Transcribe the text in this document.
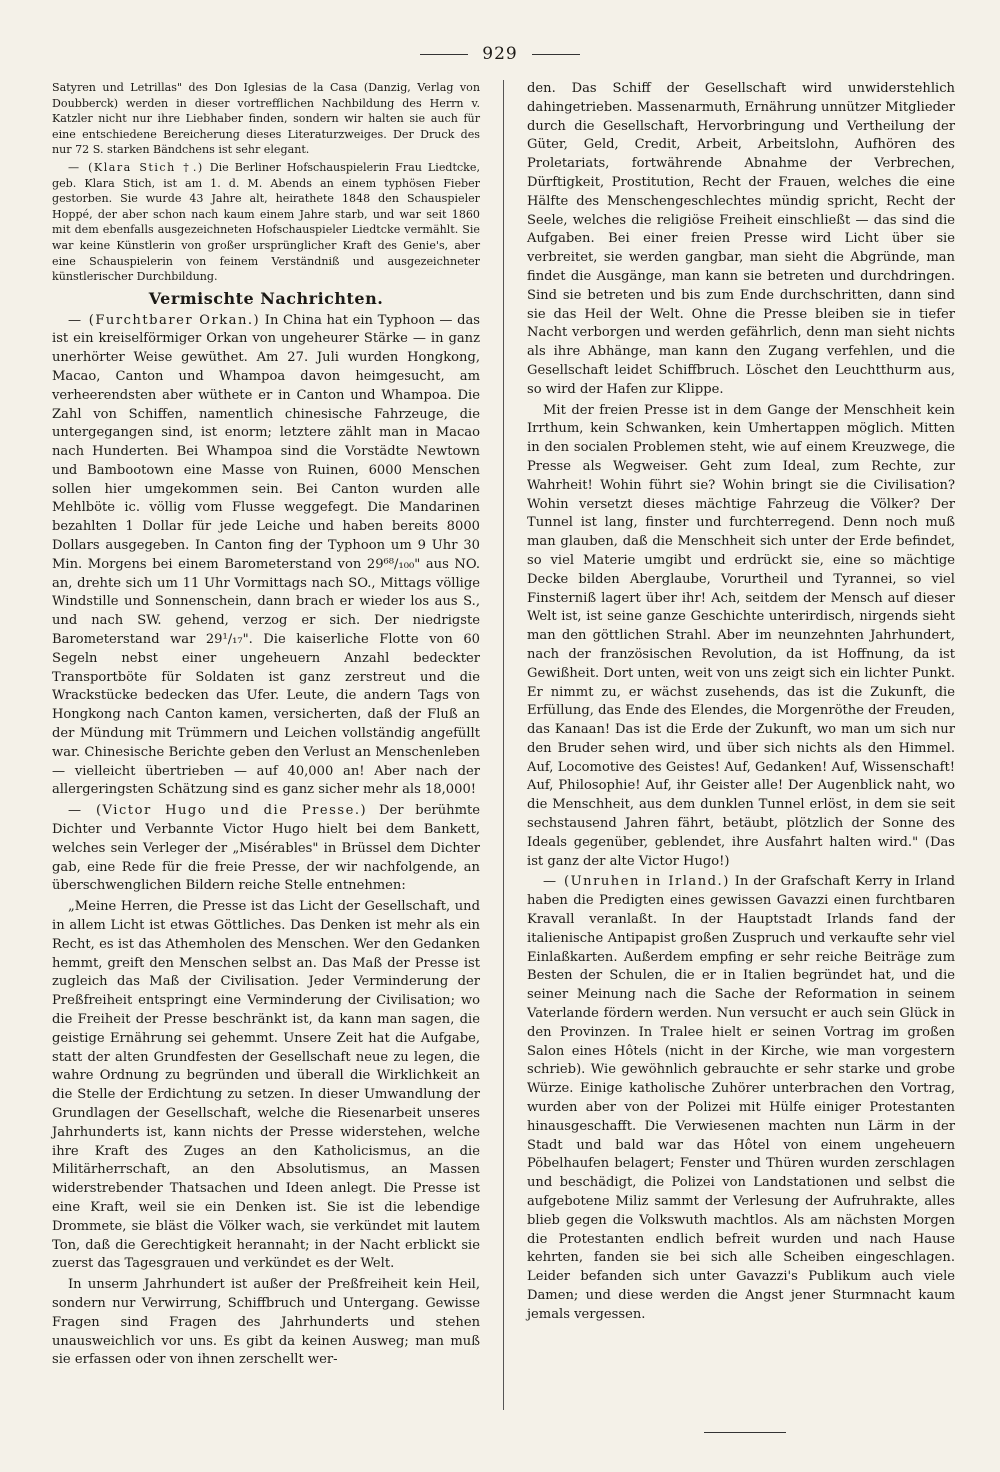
929

Satyren und Letrillas" des Don Iglesias de la Casa (Danzig, Verlag von Doubberck) werden in dieser vortrefflichen Nachbildung des Herrn v. Katzler nicht nur ihre Liebhaber finden, sondern wir halten sie auch für eine entschiedene Bereicherung dieses Literaturzweiges. Der Druck des nur 72 S. starken Bändchens ist sehr elegant.

— (Klara Stich †.) Die Berliner Hofschauspielerin Frau Liedtcke, geb. Klara Stich, ist am 1. d. M. Abends an einem typhösen Fieber gestorben. Sie wurde 43 Jahre alt, heirathete 1848 den Schauspieler Hoppé, der aber schon nach kaum einem Jahre starb, und war seit 1860 mit dem ebenfalls ausgezeichneten Hofschauspieler Liedtcke vermählt. Sie war keine Künstlerin von großer ursprünglicher Kraft des Genie's, aber eine Schauspielerin von feinem Verständniß und ausgezeichneter künstlerischer Durchbildung.

Vermischte Nachrichten.

— (Furchtbarer Orkan.) In China hat ein Typhoon — das ist ein kreiselförmiger Orkan von ungeheurer Stärke — in ganz unerhörter Weise gewüthet. Am 27. Juli wurden Hongkong, Macao, Canton und Whampoa davon heimgesucht, am verheerendsten aber wüthete er in Canton und Whampoa. Die Zahl von Schiffen, namentlich chinesische Fahrzeuge, die untergegangen sind, ist enorm; letztere zählt man in Macao nach Hunderten. Bei Whampoa sind die Vorstädte Newtown und Bambootown eine Masse von Ruinen, 6000 Menschen sollen hier umgekommen sein. Bei Canton wurden alle Mehlböte ic. völlig vom Flusse weggefegt. Die Mandarinen bezahlten 1 Dollar für jede Leiche und haben bereits 8000 Dollars ausgegeben. In Canton fing der Typhoon um 9 Uhr 30 Min. Morgens bei einem Barometerstand von 29⁶⁸/₁₀₀" aus NO. an, drehte sich um 11 Uhr Vormittags nach SO., Mittags völlige Windstille und Sonnenschein, dann brach er wieder los aus S., und nach SW. gehend, verzog er sich. Der niedrigste Barometerstand war 29¹/₁₇". Die kaiserliche Flotte von 60 Segeln nebst einer ungeheuern Anzahl bedeckter Transportböte für Soldaten ist ganz zerstreut und die Wrackstücke bedecken das Ufer. Leute, die andern Tags von Hongkong nach Canton kamen, versicherten, daß der Fluß an der Mündung mit Trümmern und Leichen vollständig angefüllt war. Chinesische Berichte geben den Verlust an Menschenleben — vielleicht übertrieben — auf 40,000 an! Aber nach der allergeringsten Schätzung sind es ganz sicher mehr als 18,000!

— (Victor Hugo und die Presse.) Der berühmte Dichter und Verbannte Victor Hugo hielt bei dem Bankett, welches sein Verleger der „Misérables" in Brüssel dem Dichter gab, eine Rede für die freie Presse, der wir nachfolgende, an überschwenglichen Bildern reiche Stelle entnehmen:

„Meine Herren, die Presse ist das Licht der Gesellschaft, und in allem Licht ist etwas Göttliches. Das Denken ist mehr als ein Recht, es ist das Athemholen des Menschen. Wer den Gedanken hemmt, greift den Menschen selbst an. Das Maß der Presse ist zugleich das Maß der Civilisation. Jeder Verminderung der Preßfreiheit entspringt eine Verminderung der Civilisation; wo die Freiheit der Presse beschränkt ist, da kann man sagen, die geistige Ernährung sei gehemmt. Unsere Zeit hat die Aufgabe, statt der alten Grundfesten der Gesellschaft neue zu legen, die wahre Ordnung zu begründen und überall die Wirklichkeit an die Stelle der Erdichtung zu setzen. In dieser Umwandlung der Grundlagen der Gesellschaft, welche die Riesenarbeit unseres Jahrhunderts ist, kann nichts der Presse widerstehen, welche ihre Kraft des Zuges an den Katholicismus, an die Militärherrschaft, an den Absolutismus, an Massen widerstrebender Thatsachen und Ideen anlegt. Die Presse ist eine Kraft, weil sie ein Denken ist. Sie ist die lebendige Drommete, sie bläst die Völker wach, sie verkündet mit lautem Ton, daß die Gerechtigkeit herannaht; in der Nacht erblickt sie zuerst das Tagesgrauen und verkündet es der Welt.

In unserm Jahrhundert ist außer der Preßfreiheit kein Heil, sondern nur Verwirrung, Schiffbruch und Untergang. Gewisse Fragen sind Fragen des Jahrhunderts und stehen unausweichlich vor uns. Es gibt da keinen Ausweg; man muß sie erfassen oder von ihnen zerschellt wer-

den. Das Schiff der Gesellschaft wird unwiderstehlich dahingetrieben. Massenarmuth, Ernährung unnützer Mitglieder durch die Gesellschaft, Hervorbringung und Vertheilung der Güter, Geld, Credit, Arbeit, Arbeitslohn, Aufhören des Proletariats, fortwährende Abnahme der Verbrechen, Dürftigkeit, Prostitution, Recht der Frauen, welches die eine Hälfte des Menschengeschlechtes mündig spricht, Recht der Seele, welches die religiöse Freiheit einschließt — das sind die Aufgaben. Bei einer freien Presse wird Licht über sie verbreitet, sie werden gangbar, man sieht die Abgründe, man findet die Ausgänge, man kann sie betreten und durchdringen. Sind sie betreten und bis zum Ende durchschritten, dann sind sie das Heil der Welt. Ohne die Presse bleiben sie in tiefer Nacht verborgen und werden gefährlich, denn man sieht nichts als ihre Abhänge, man kann den Zugang verfehlen, und die Gesellschaft leidet Schiffbruch. Löschet den Leuchtthurm aus, so wird der Hafen zur Klippe.

Mit der freien Presse ist in dem Gange der Menschheit kein Irrthum, kein Schwanken, kein Umhertappen möglich. Mitten in den socialen Problemen steht, wie auf einem Kreuzwege, die Presse als Wegweiser. Geht zum Ideal, zum Rechte, zur Wahrheit! Wohin führt sie? Wohin bringt sie die Civilisation? Wohin versetzt dieses mächtige Fahrzeug die Völker? Der Tunnel ist lang, finster und furchterregend. Denn noch muß man glauben, daß die Menschheit sich unter der Erde befindet, so viel Materie umgibt und erdrückt sie, eine so mächtige Decke bilden Aberglaube, Vorurtheil und Tyrannei, so viel Finsterniß lagert über ihr! Ach, seitdem der Mensch auf dieser Welt ist, ist seine ganze Geschichte unterirdisch, nirgends sieht man den göttlichen Strahl. Aber im neunzehnten Jahrhundert, nach der französischen Revolution, da ist Hoffnung, da ist Gewißheit. Dort unten, weit von uns zeigt sich ein lichter Punkt. Er nimmt zu, er wächst zusehends, das ist die Zukunft, die Erfüllung, das Ende des Elendes, die Morgenröthe der Freuden, das Kanaan! Das ist die Erde der Zukunft, wo man um sich nur den Bruder sehen wird, und über sich nichts als den Himmel. Auf, Locomotive des Geistes! Auf, Gedanken! Auf, Wissenschaft! Auf, Philosophie! Auf, ihr Geister alle! Der Augenblick naht, wo die Menschheit, aus dem dunklen Tunnel erlöst, in dem sie seit sechstausend Jahren fährt, betäubt, plötzlich der Sonne des Ideals gegenüber, geblendet, ihre Ausfahrt halten wird." (Das ist ganz der alte Victor Hugo!)

— (Unruhen in Irland.) In der Grafschaft Kerry in Irland haben die Predigten eines gewissen Gavazzi einen furchtbaren Kravall veranlaßt. In der Hauptstadt Irlands fand der italienische Antipapist großen Zuspruch und verkaufte sehr viel Einlaßkarten. Außerdem empfing er sehr reiche Beiträge zum Besten der Schulen, die er in Italien begründet hat, und die seiner Meinung nach die Sache der Reformation in seinem Vaterlande fördern werden. Nun versucht er auch sein Glück in den Provinzen. In Tralee hielt er seinen Vortrag im großen Salon eines Hôtels (nicht in der Kirche, wie man vorgestern schrieb). Wie gewöhnlich gebrauchte er sehr starke und grobe Würze. Einige katholische Zuhörer unterbrachen den Vortrag, wurden aber von der Polizei mit Hülfe einiger Protestanten hinausgeschafft. Die Verwiesenen machten nun Lärm in der Stadt und bald war das Hôtel von einem ungeheuern Pöbelhaufen belagert; Fenster und Thüren wurden zerschlagen und beschädigt, die Polizei von Landstationen und selbst die aufgebotene Miliz sammt der Verlesung der Aufruhrakte, alles blieb gegen die Volkswuth machtlos. Als am nächsten Morgen die Protestanten endlich befreit wurden und nach Hause kehrten, fanden sie bei sich alle Scheiben eingeschlagen. Leider befanden sich unter Gavazzi's Publikum auch viele Damen; und diese werden die Angst jener Sturmnacht kaum jemals vergessen.
